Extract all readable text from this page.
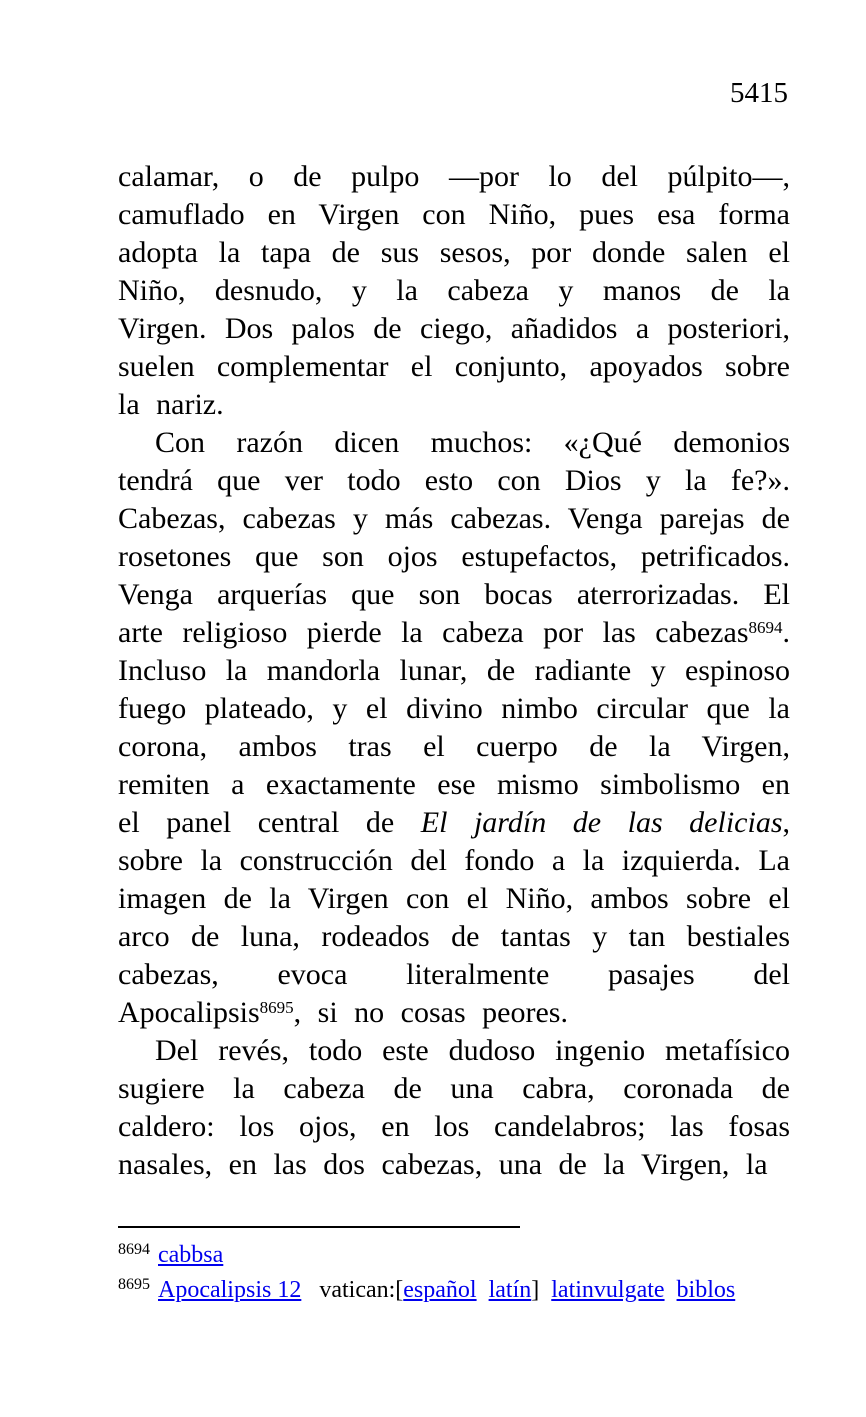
5415

calamar, o de pulpo —por lo del púlpito—, camuflado en Virgen con Niño, pues esa forma adopta la tapa de sus sesos, por donde salen el Niño, desnudo, y la cabeza y manos de la Virgen. Dos palos de ciego, añadidos a posteriori, suelen complementar el conjunto, apoyados sobre la nariz.

Con razón dicen muchos: «¿Qué demonios tendrá que ver todo esto con Dios y la fe?». Cabezas, cabezas y más cabezas. Venga parejas de rosetones que son ojos estupefactos, petrificados. Venga arquerías que son bocas aterrorizadas. El arte religioso pierde la cabeza por las cabezas$^{8694}$. Incluso la mandorla lunar, de radiante y espinoso fuego plateado, y el divino nimbo circular que la corona, ambos tras el cuerpo de la Virgen, remiten a exactamente ese mismo simbolismo en el panel central de El jardín de las delicias, sobre la construcción del fondo a la izquierda. La imagen de la Virgen con el Niño, ambos sobre el arco de luna, rodeados de tantas y tan bestiales cabezas, evoca literalmente pasajes del Apocalipsis$^{8695}$, si no cosas peores.

Del revés, todo este dudoso ingenio metafísico sugiere la cabeza de una cabra, coronada de caldero: los ojos, en los candelabros; las fosas nasales, en las dos cabezas, una de la Virgen, la

$^{8694}$ cabbsa
$^{8695}$ Apocalipsis 12   vatican:[español latín]  latinvulgate biblos
